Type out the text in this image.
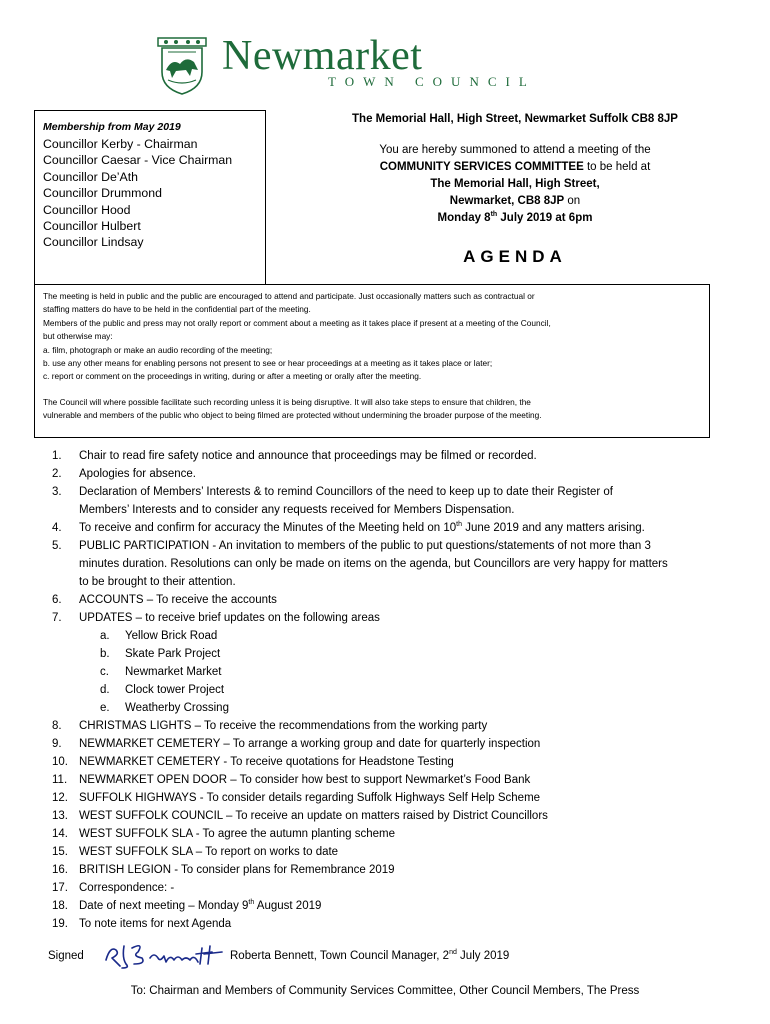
Newmarket
TOWN COUNCIL
Membership from May 2019
Councillor Kerby - Chairman
Councillor Caesar - Vice Chairman
Councillor De’Ath
Councillor Drummond
Councillor Hood
Councillor Hulbert
Councillor Lindsay
The Memorial Hall, High Street, Newmarket Suffolk CB8 8JP
You are hereby summoned to attend a meeting of the
COMMUNITY SERVICES COMMITTEE to be held at
The Memorial Hall, High Street,
Newmarket, CB8 8JP on
Monday 8th July 2019 at 6pm
AGENDA
The meeting is held in public and the public are encouraged to attend and participate. Just occasionally matters such as contractual or
staffing matters do have to be held in the confidential part of the meeting.
Members of the public and press may not orally report or comment about a meeting as it takes place if present at a meeting of the Council,
but otherwise may:
a. film, photograph or make an audio recording of the meeting;
b. use any other means for enabling persons not present to see or hear proceedings at a meeting as it takes place or later;
c. report or comment on the proceedings in writing, during or after a meeting or orally after the meeting.
The Council will where possible facilitate such recording unless it is being disruptive. It will also take steps to ensure that children, the
vulnerable and members of the public who object to being filmed are protected without undermining the broader purpose of the meeting.
1.	Chair to read fire safety notice and announce that proceedings may be filmed or recorded.
2.	Apologies for absence.
3.	Declaration of Members’ Interests & to remind Councillors of the need to keep up to date their Register of
Members’ Interests and to consider any requests received for Members Dispensation.
4.	To receive and confirm for accuracy the Minutes of the Meeting held on 10th June 2019 and any matters arising.
5.	PUBLIC PARTICIPATION - An invitation to members of the public to put questions/statements of not more than 3
minutes duration. Resolutions can only be made on items on the agenda, but Councillors are very happy for matters
to be brought to their attention.
6.	ACCOUNTS – To receive the accounts
7.	UPDATES – to receive brief updates on the following areas
a. Yellow Brick Road
b. Skate Park Project
c. Newmarket Market
d. Clock tower Project
e. Weatherby Crossing
8.	CHRISTMAS LIGHTS – To receive the recommendations from the working party
9.	NEWMARKET CEMETERY – To arrange a working group and date for quarterly inspection
10. NEWMARKET CEMETERY - To receive quotations for Headstone Testing
11.	NEWMARKET OPEN DOOR – To consider how best to support Newmarket’s Food Bank
12. SUFFOLK HIGHWAYS - To consider details regarding Suffolk Highways Self Help Scheme
13. WEST SUFFOLK COUNCIL – To receive an update on matters raised by District Councillors
14. WEST SUFFOLK SLA - To agree the autumn planting scheme
15. WEST SUFFOLK SLA – To report on works to date
16. BRITISH LEGION - To consider plans for Remembrance 2019
17. Correspondence: -
18. Date of next meeting – Monday 9th August 2019
19. To note items for next Agenda
Signed	Roberta Bennett, Town Council Manager, 2nd July 2019
To: Chairman and Members of Community Services Committee, Other Council Members, The Press
